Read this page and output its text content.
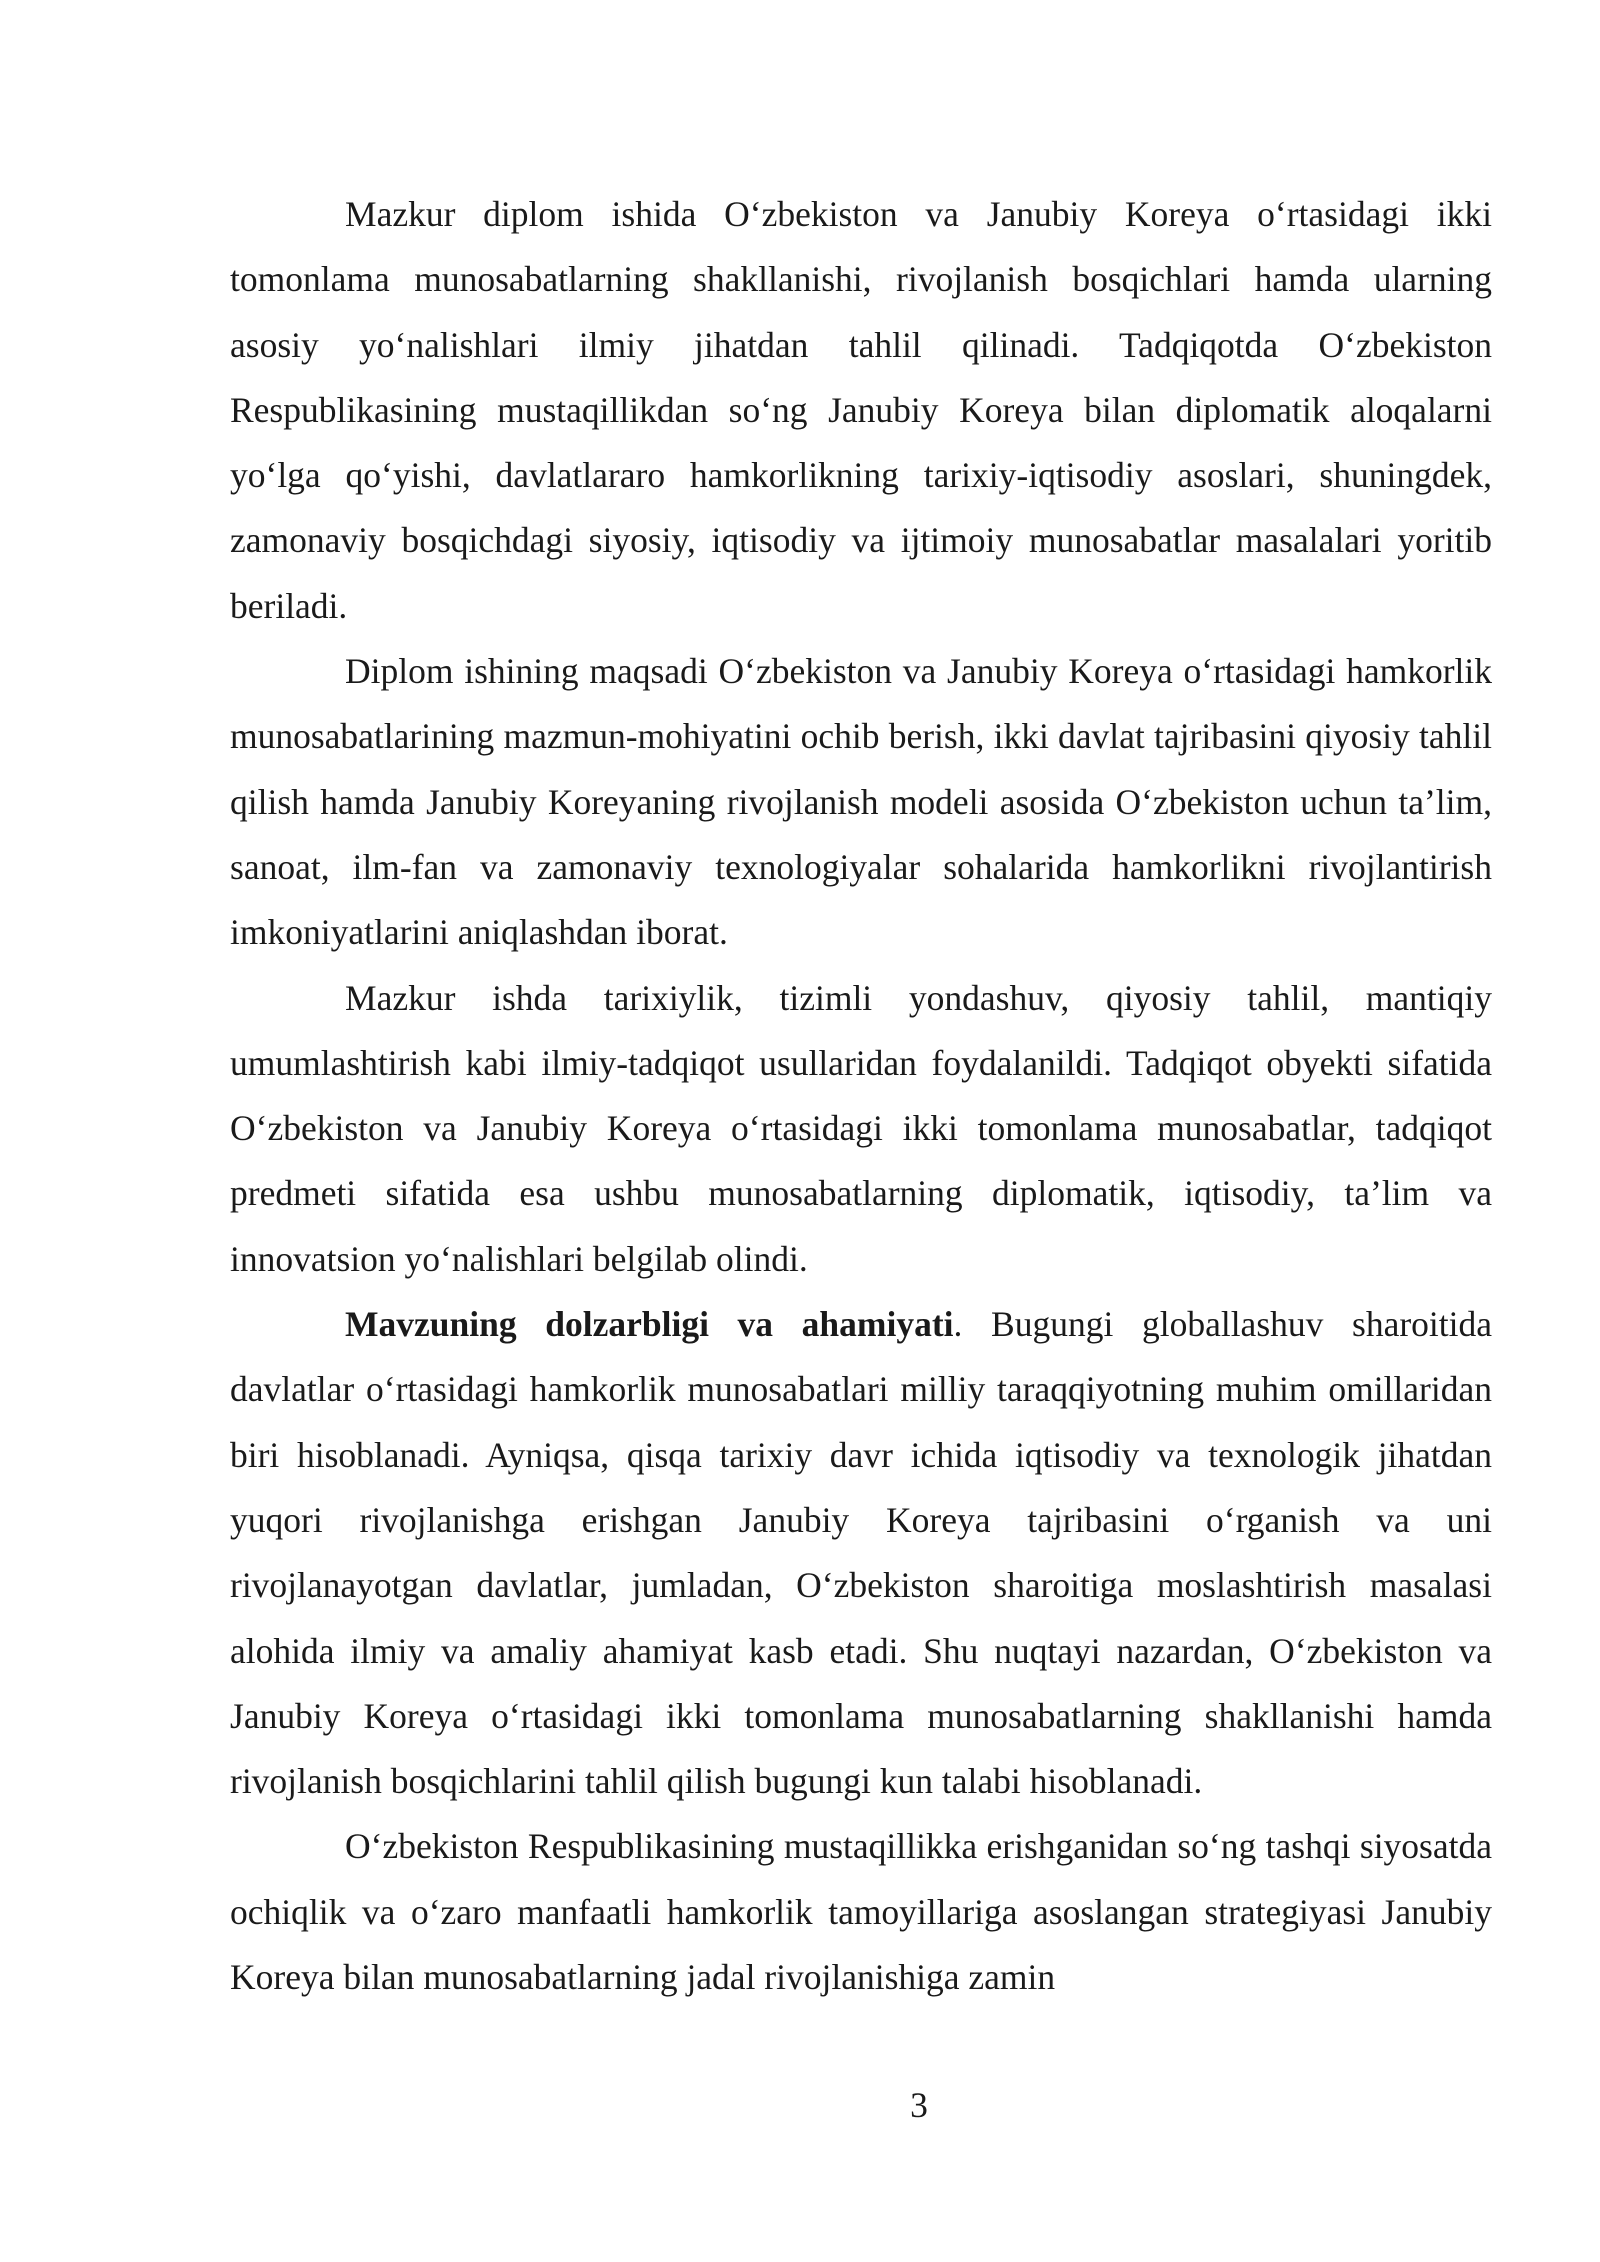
Mazkur diplom ishida O‘zbekiston va Janubiy Koreya o‘rtasidagi ikki tomonlama munosabatlarning shakllanishi, rivojlanish bosqichlari hamda ularning asosiy yo‘nalishlari ilmiy jihatdan tahlil qilinadi. Tadqiqotda O‘zbekiston Respublikasining mustaqillikdan so‘ng Janubiy Koreya bilan diplomatik aloqalarni yo‘lga qo‘yishi, davlatlararo hamkorlikning tarixiy-iqtisodiy asoslari, shuningdek, zamonaviy bosqichdagi siyosiy, iqtisodiy va ijtimoiy munosabatlar masalalari yoritib beriladi.

Diplom ishining maqsadi O‘zbekiston va Janubiy Koreya o‘rtasidagi hamkorlik munosabatlarining mazmun-mohiyatini ochib berish, ikki davlat tajribasini qiyosiy tahlil qilish hamda Janubiy Koreyaning rivojlanish modeli asosida O‘zbekiston uchun ta’lim, sanoat, ilm-fan va zamonaviy texnologiyalar sohalarida hamkorlikni rivojlantirish imkoniyatlarini aniqlashdan iborat.

Mazkur ishda tarixiylik, tizimli yondashuv, qiyosiy tahlil, mantiqiy umumlashtirish kabi ilmiy-tadqiqot usullaridan foydalanildi. Tadqiqot obyekti sifatida O‘zbekiston va Janubiy Koreya o‘rtasidagi ikki tomonlama munosabatlar, tadqiqot predmeti sifatida esa ushbu munosabatlarning diplomatik, iqtisodiy, ta’lim va innovatsion yo‘nalishlari belgilab olindi.

Mavzuning dolzarbligi va ahamiyati. Bugungi globallashuv sharoitida davlatlar o‘rtasidagi hamkorlik munosabatlari milliy taraqqiyotning muhim omillaridan biri hisoblanadi. Ayniqsa, qisqa tarixiy davr ichida iqtisodiy va texnologik jihatdan yuqori rivojlanishga erishgan Janubiy Koreya tajribasini o‘rganish va uni rivojlanayotgan davlatlar, jumladan, O‘zbekiston sharoitiga moslashtirish masalasi alohida ilmiy va amaliy ahamiyat kasb etadi. Shu nuqtayi nazardan, O‘zbekiston va Janubiy Koreya o‘rtasidagi ikki tomonlama munosabatlarning shakllanishi hamda rivojlanish bosqichlarini tahlil qilish bugungi kun talabi hisoblanadi.

O‘zbekiston Respublikasining mustaqillikka erishganidan so‘ng tashqi siyosatda ochiqlik va o‘zaro manfaatli hamkorlik tamoyillariga asoslangan strategiyasi Janubiy Koreya bilan munosabatlarning jadal rivojlanishiga zamin

3
